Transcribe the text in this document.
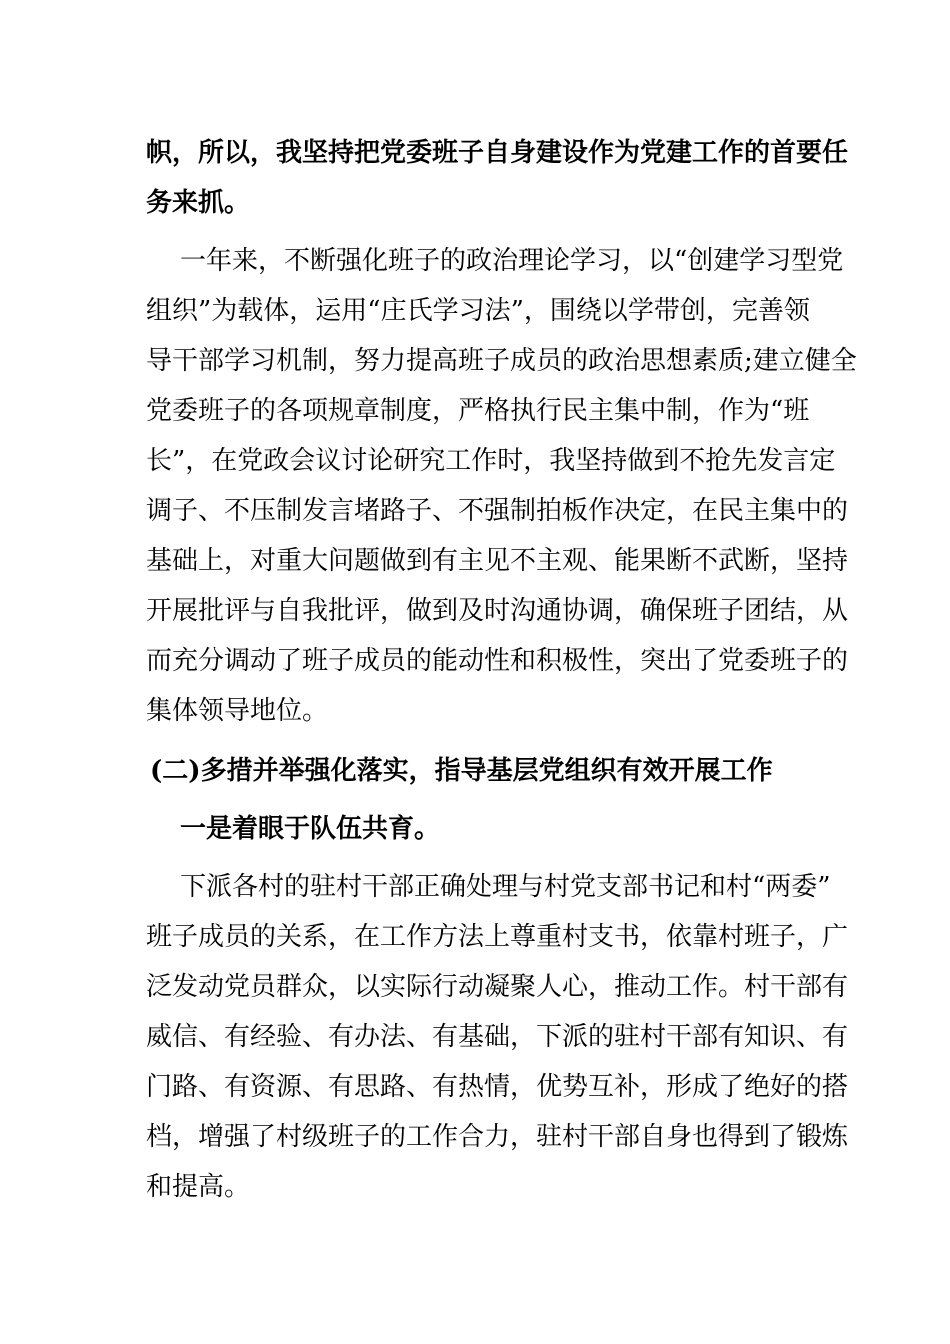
帜，所以，我坚持把党委班子自身建设作为党建工作的首要任
务来抓。
一年来，不断强化班子的政治理论学习，以“创建学习型党
组织”为载体，运用“庄氏学习法”，围绕以学带创，完善领
导干部学习机制，努力提高班子成员的政治思想素质;建立健全
党委班子的各项规章制度，严格执行民主集中制，作为“班
长”，在党政会议讨论研究工作时，我坚持做到不抢先发言定
调子、不压制发言堵路子、不强制拍板作决定，在民主集中的
基础上，对重大问题做到有主见不主观、能果断不武断，坚持
开展批评与自我批评，做到及时沟通协调，确保班子团结，从
而充分调动了班子成员的能动性和积极性，突出了党委班子的
集体领导地位。
(二)多措并举强化落实，指导基层党组织有效开展工作
一是着眼于队伍共育。
下派各村的驻村干部正确处理与村党支部书记和村“两委”
班子成员的关系，在工作方法上尊重村支书，依靠村班子，广
泛发动党员群众，以实际行动凝聚人心，推动工作。村干部有
威信、有经验、有办法、有基础，下派的驻村干部有知识、有
门路、有资源、有思路、有热情，优势互补，形成了绝好的搭
档，增强了村级班子的工作合力，驻村干部自身也得到了锻炼
和提高。
